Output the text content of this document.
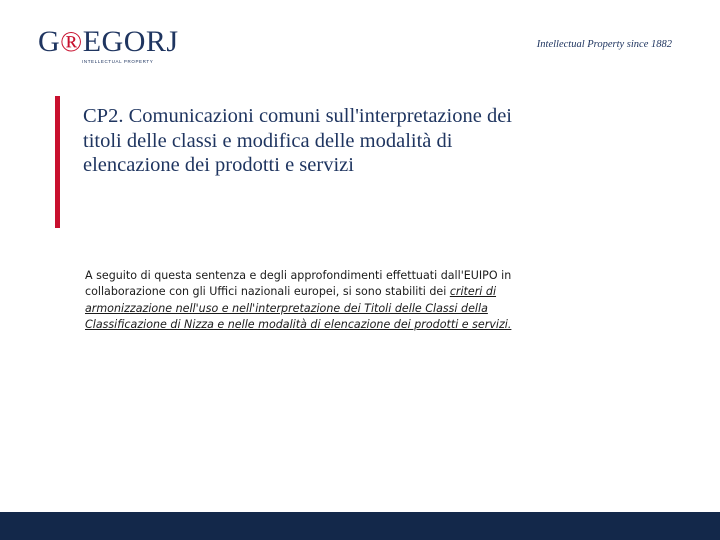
G®EGORJ
INTELLECTUAL PROPERTY
Intellectual Property since 1882
CP2. Comunicazioni comuni sull'interpretazione dei titoli delle classi e modifica delle modalità di elencazione dei prodotti e servizi

A seguito di questa sentenza e degli approfondimenti effettuati dall'EUIPO in collaborazione con gli Uffici nazionali europei, si sono stabiliti dei criteri di armonizzazione nell'uso e nell'interpretazione dei Titoli delle Classi della Classificazione di Nizza e nelle modalità di elencazione dei prodotti e servizi.
